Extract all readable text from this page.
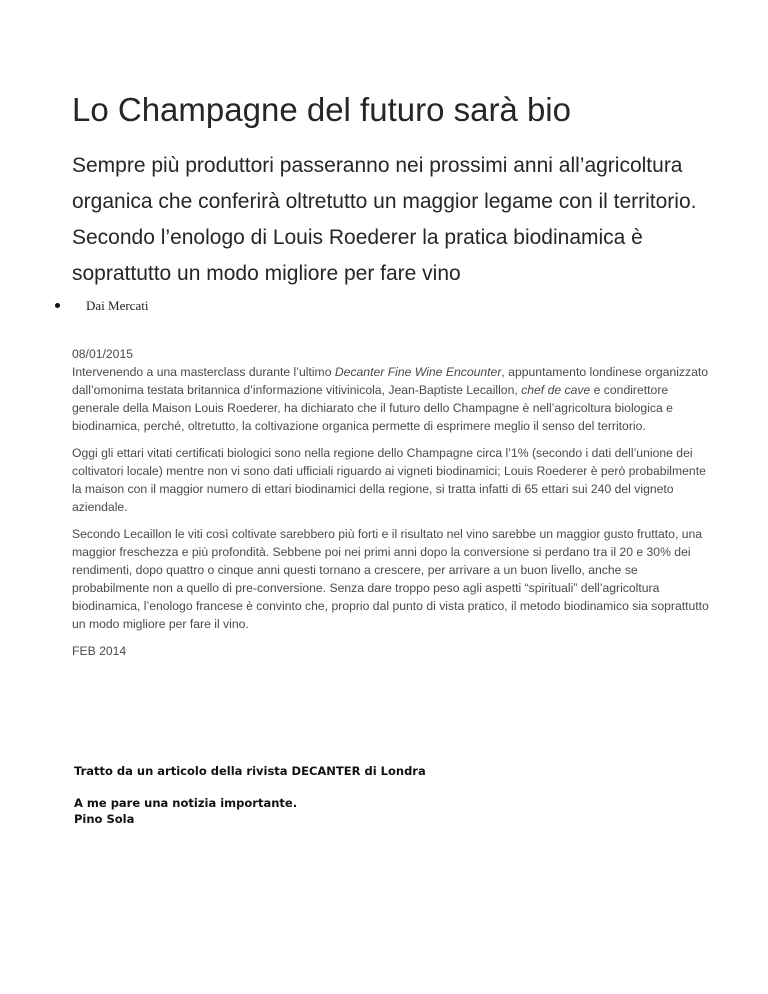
Lo Champagne del futuro sarà bio

Sempre più produttori passeranno nei prossimi anni all’agricoltura organica che conferirà oltretutto un maggior legame con il territorio. Secondo l’enologo di Louis Roederer la pratica biodinamica è soprattutto un modo migliore per fare vino

Dai Mercati

08/01/2015

Intervenendo a una masterclass durante l’ultimo Decanter Fine Wine Encounter, appuntamento londinese organizzato dall’omonima testata britannica d’informazione vitivinicola, Jean-Baptiste Lecaillon, chef de cave e condirettore generale della Maison Louis Roederer, ha dichiarato che il futuro dello Champagne è nell’agricoltura biologica e biodinamica, perché, oltretutto, la coltivazione organica permette di esprimere meglio il senso del territorio.

Oggi gli ettari vitati certificati biologici sono nella regione dello Champagne circa l’1% (secondo i dati dell’unione dei coltivatori locale) mentre non vi sono dati ufficiali riguardo ai vigneti biodinamici; Louis Roederer è però probabilmente la maison con il maggior numero di ettari biodinamici della regione, si tratta infatti di 65 ettari sui 240 del vigneto aziendale.

Secondo Lecaillon le viti così coltivate sarebbero più forti e il risultato nel vino sarebbe un maggior gusto fruttato, una maggior freschezza e più profondità. Sebbene poi nei primi anni dopo la conversione si perdano tra il 20 e 30% dei rendimenti, dopo quattro o cinque anni questi tornano a crescere, per arrivare a un buon livello, anche se probabilmente non a quello di pre-conversione. Senza dare troppo peso agli aspetti “spirituali” dell’agricoltura biodinamica, l’enologo francese è convinto che, proprio dal punto di vista pratico, il metodo biodinamico sia soprattutto un modo migliore per fare il vino.

FEB 2014

Tratto da un articolo della rivista DECANTER di Londra

A me pare una notizia importante.

Pino Sola
